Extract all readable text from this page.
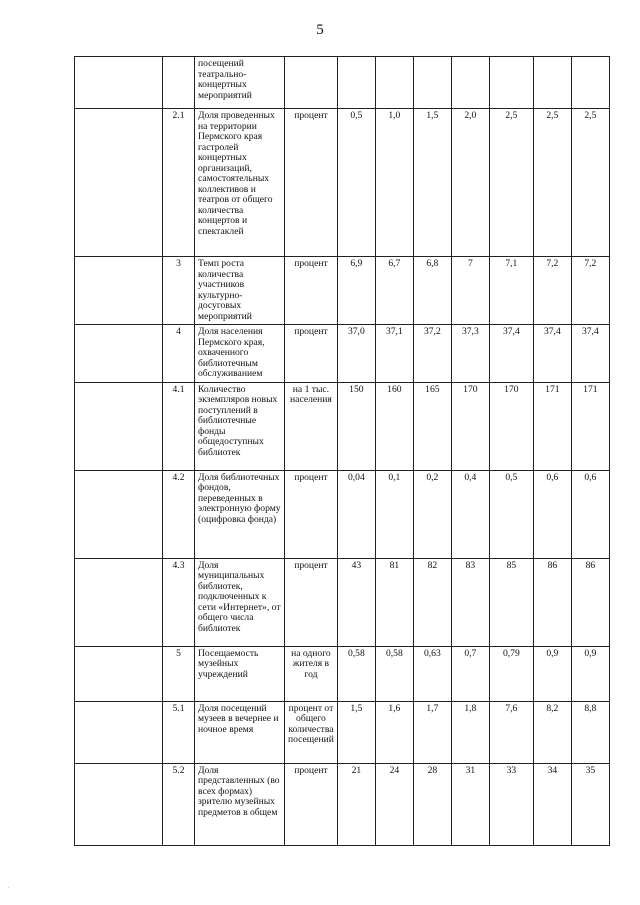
5
		посещений театрально-концертных мероприятий								
	2.1	Доля проведенных на территории Пермского края гастролей концертных организаций, самостоятельных коллективов и театров от общего количества концертов и спектаклей	процент	0,5	1,0	1,5	2,0	2,5	2,5	2,5
	3	Темп роста количества участников культурно-досуговых мероприятий	процент	6,9	6,7	6,8	7	7,1	7,2	7,2
	4	Доля населения Пермского края, охваченного библиотечным обслуживанием	процент	37,0	37,1	37,2	37,3	37,4	37,4	37,4
	4.1	Количество экземпляров новых поступлений в библиотечные фонды общедоступных библиотек	на 1 тыс. населения	150	160	165	170	170	171	171
	4.2	Доля библиотечных фондов, переведенных в электронную форму (оцифровка фонда)	процент	0,04	0,1	0,2	0,4	0,5	0,6	0,6
	4.3	Доля муниципальных библиотек, подключенных к сети «Интернет», от общего числа библиотек	процент	43	81	82	83	85	86	86
	5	Посещаемость музейных учреждений	на одного жителя в год	0,58	0,58	0,63	0,7	0,79	0,9	0,9
	5.1	Доля посещений музеев в вечернее и ночное время	процент от общего количества посещений	1,5	1,6	1,7	1,8	7,6	8,2	8,8
	5.2	Доля представленных (во всех формах) зрителю музейных предметов в общем	процент	21	24	28	31	33	34	35
.
